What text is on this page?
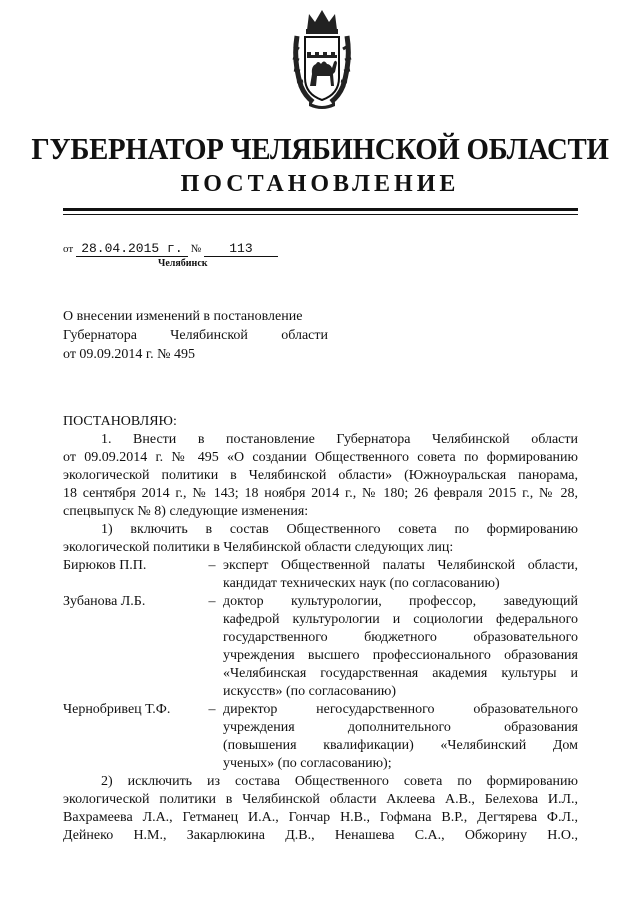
ГУБЕРНАТОР ЧЕЛЯБИНСКОЙ ОБЛАСТИ
ПОСТАНОВЛЕНИЕ
от 28.04.2015 г. № 113
Челябинск
О внесении изменений в постановление
Губернатора Челябинской области
от 09.09.2014 г. № 495
ПОСТАНОВЛЯЮ:
1. Внести в постановление Губернатора Челябинской области
от 09.09.2014 г. № 495 «О создании Общественного совета по формированию
экологической политики в Челябинской области» (Южноуральская панорама,
18 сентября 2014 г., № 143; 18 ноября 2014 г., № 180; 26 февраля 2015 г., № 28,
спецвыпуск № 8) следующие изменения:
1) включить в состав Общественного совета по формированию
экологической политики в Челябинской области следующих лиц:
Бирюков П.П.	– эксперт Общественной палаты Челябинской области,
кандидат технических наук (по согласованию)
Зубанова Л.Б.	– доктор культурологии, профессор, заведующий
кафедрой культурологии и социологии федерального
государственного бюджетного образовательного
учреждения высшего профессионального образования
«Челябинская государственная академия культуры и
искусств» (по согласованию)
Чернобривец Т.Ф.	– директор негосударственного образовательного
учреждения дополнительного образования
(повышения квалификации) «Челябинский Дом
ученых» (по согласованию);
2) исключить из состава Общественного совета по формированию
экологической политики в Челябинской области Аклеева А.В., Белехова И.Л.,
Вахрамеева Л.А., Гетманец И.А., Гончар Н.В., Гофмана В.Р., Дегтярева Ф.Л.,
Дейнеко Н.М., Закарлюкина Д.В., Ненашева С.А., Обжорину Н.О.,
